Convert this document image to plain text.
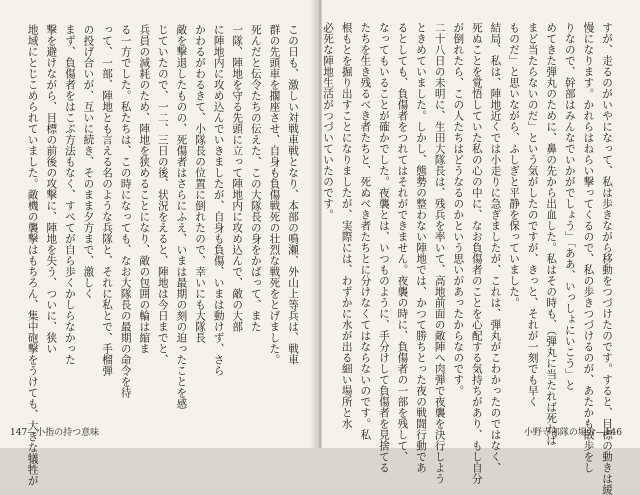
この日も、激しい対戦車戦となり、本部の鳴瀬、外山上等兵は、戦車
群の先頭車を擱座させ、自身も負傷戦死の壮烈な戦死をとげました。
死んだと伝令たちの伝えた、この大隊長の身をかばって、また
一隊、陣地を守る先頭に立って陣地内に攻め込んで、敵の大部
に陣地内に攻め込んでいきましたが、自身も負傷、いまは動けず、さら
かわるがわるきて、小隊長の位置に倒れたので、幸いにも大隊長
敵を撃退したものの、死傷者はさらにふえ、いまは最期の刻の迫ったことを感
じていたので、一二、三日の後、状況をえると、陣地は今日までと、
兵員の減耗のため、陣地を狭めることになり、敵の包囲の輪は縮ま
る一方でした。私たちは、この時になっても、なお大隊長の最期の命令を待
って、一部、陣地とも言える名のような兵隊と、それに私とで、手榴弾
の投げ合いが、互いに続き、そのまま夕方まで、激しく
まず、負傷者をはこぶ方法もなく、すべてが自ら歩くかしらなかった
撃を避けながら、目標の前後の攻撃に、陣地を失う、ついに、狭い
地域にとじこめられていました。敵機の襲撃はもちろん、集中砲撃をうけても、大きな犠牲が
147—小指の持つ意味	すが、走るのがいやになって、私は歩きながら移動をつづけたのです。すると、目標の動きは緩
慢になります。かれらはねらい撃ってくるので、私の歩きつづけるのが、あたかも散歩をし
りなので、幹部はみんなでいかがでしょう」「ああ、いっしょにいこう」と
めてきた弾丸のために、鼻の先から出血した。私はその時も、（弾丸に当たれば死ねば
まど当たらないのだ」という気がしたのですが、きっと、それが一刻でも早く
ものだ」と思いながら、ふしぎと平静を保っていました。
結局、私は、陣地近くでは小走りに急ぎましたが、これは、弾丸がこわかったのではなく、
死ぬことを覚悟していた私の心の中に、なお負傷者のことを心配する気持ちがあり、もし自分
が倒れたら、この人たちはどうなるのかという思いがあったからなのです。
二十八日の未明に、生田大隊長は、残兵を率いて、高地前面の敵陣へ肉弾で夜襲を決行しよう
ときめていました。しかし、態勢の整わない陣地では、かつて勝ちとった夜の戦闘行動であ
るとしても、負傷者をつれてはそれができません。夜襲の時に、負傷者の一部を残して、
なってもいることが確かでした。夜襲とは、いつものように、手分けして負傷者を見捨てる
たちを生き残るべき者たちと、死ぬべき者たちとに分けなくてはならないのです。私
根もとを掘り出すことになりましたが、実際には、わずかに水が出る細い場所と水
必死な陣地生活がつづいていたのです。
小野寺部隊の場合—146
